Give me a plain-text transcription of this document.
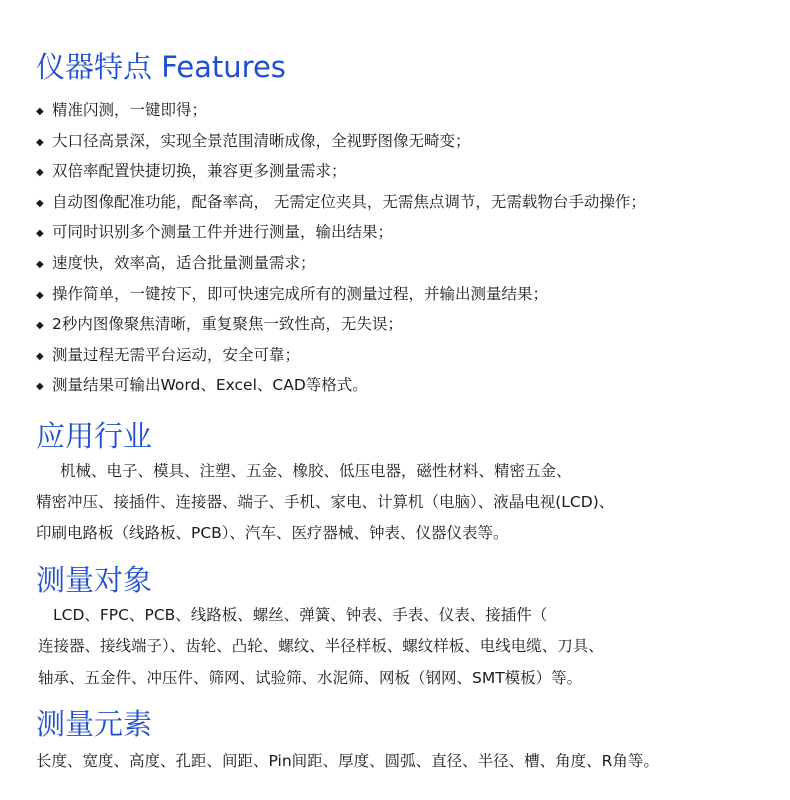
仪器特点 Features
◆ 精准闪测，一键即得；
◆ 大口径高景深，实现全景范围清晰成像，全视野图像无畸变；
◆ 双倍率配置快捷切换，兼容更多测量需求；
◆ 自动图像配准功能，配备率高， 无需定位夹具，无需焦点调节，无需载物台手动操作；
◆ 可同时识别多个测量工件并进行测量，输出结果；
◆ 速度快，效率高，适合批量测量需求；
◆ 操作简单，一键按下，即可快速完成所有的测量过程，并输出测量结果；
◆ 2秒内图像聚焦清晰，重复聚焦一致性高，无失误；
◆ 测量过程无需平台运动，安全可靠；
◆ 测量结果可输出Word、Excel、CAD等格式。
应用行业

机械、电子、模具、注塑、五金、橡胶、低压电器，磁性材料、精密五金、

精密冲压、接插件、连接器、端子、手机、家电、计算机（电脑）、液晶电视(LCD)、

印刷电路板（线路板、PCB）、汽车、医疗器械、钟表、仪器仪表等。

测量对象

LCD、FPC、PCB、线路板、螺丝、弹簧、钟表、手表、仪表、接插件（

连接器、接线端子）、齿轮、凸轮、螺纹、半径样板、螺纹样板、电线电缆、刀具、

轴承、五金件、冲压件、筛网、试验筛、水泥筛、网板（钢网、SMT模板）等。

测量元素

长度、宽度、高度、孔距、间距、Pin间距、厚度、圆弧、直径、半径、槽、角度、R角等。
